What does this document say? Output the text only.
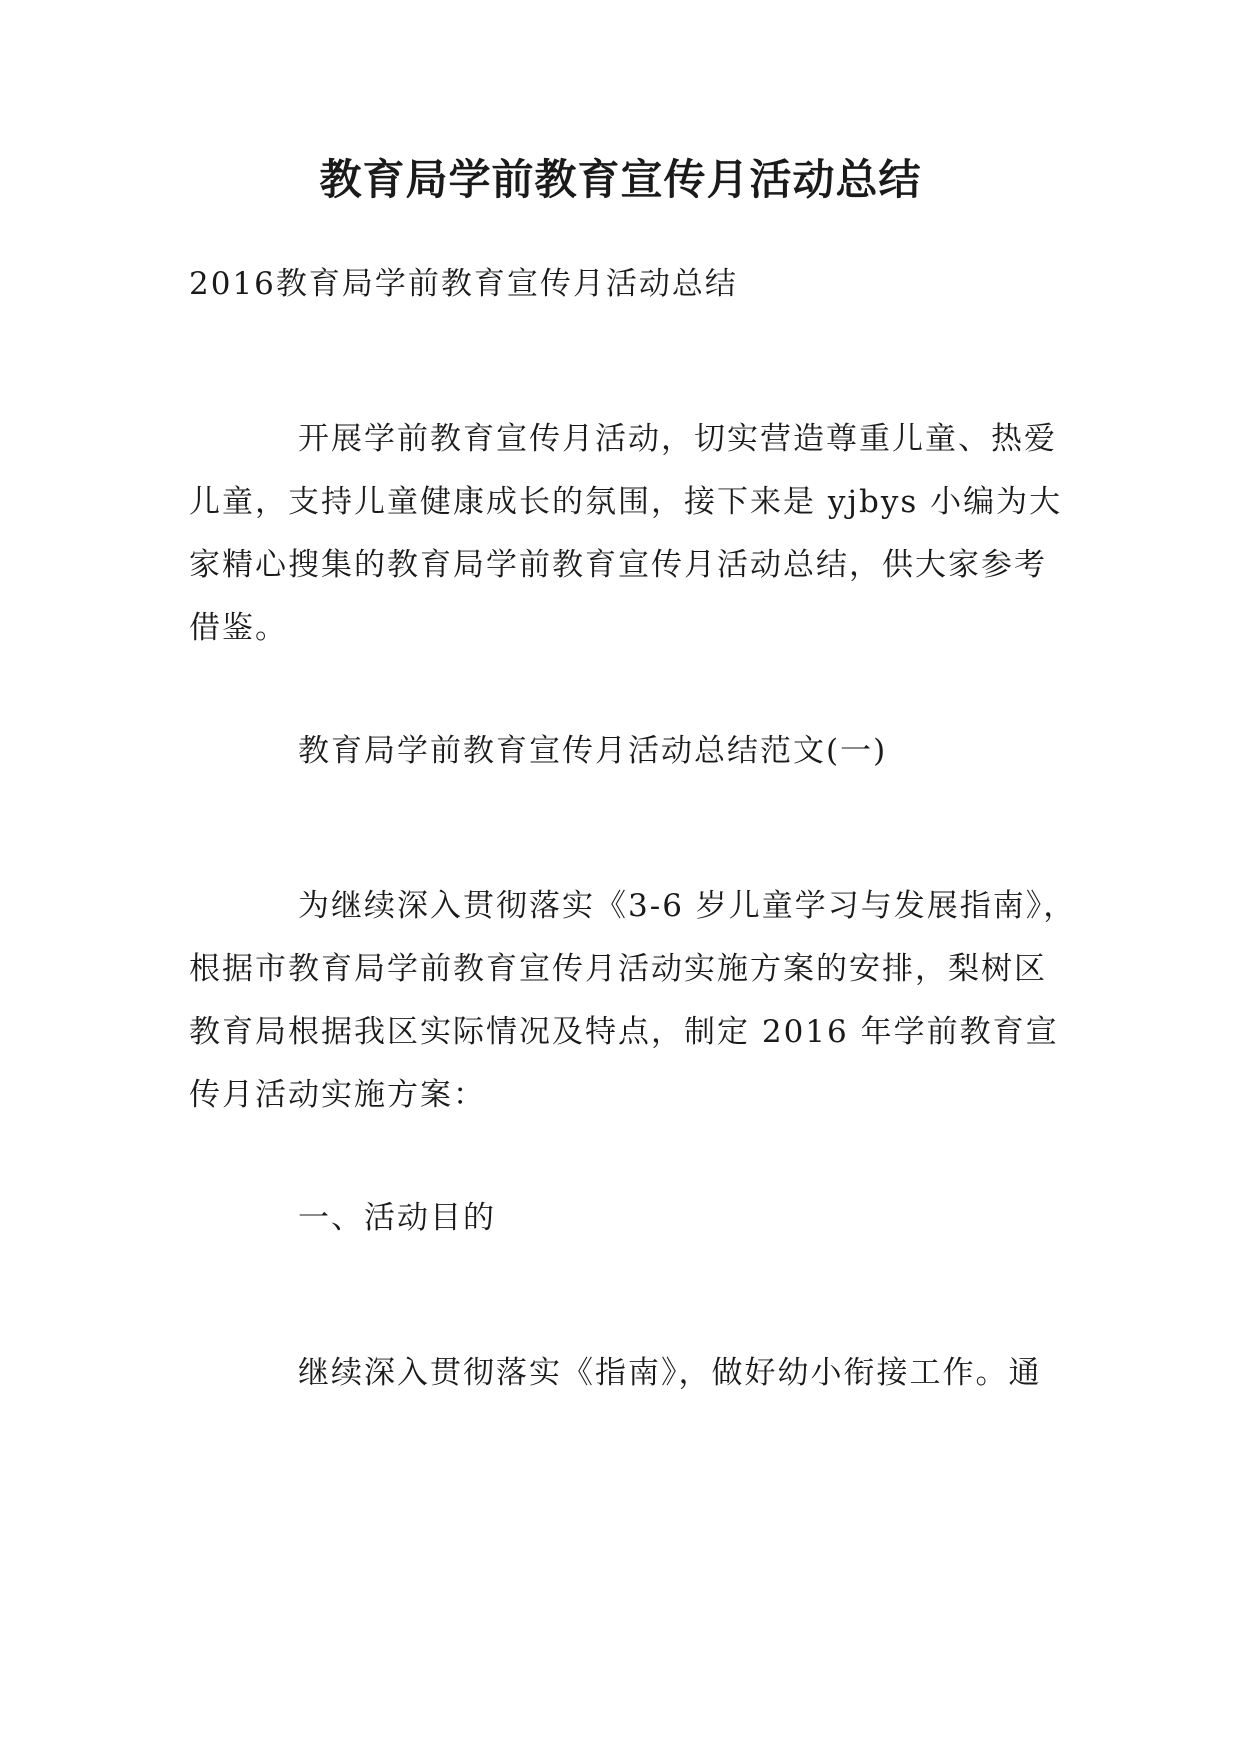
教育局学前教育宣传月活动总结

2016教育局学前教育宣传月活动总结

开展学前教育宣传月活动，切实营造尊重儿童、热爱
儿童，支持儿童健康成长的氛围，接下来是 yjbys 小编为大
家精心搜集的教育局学前教育宣传月活动总结，供大家参考
借鉴。

教育局学前教育宣传月活动总结范文(一)

为继续深入贯彻落实《3-6 岁儿童学习与发展指南》，
根据市教育局学前教育宣传月活动实施方案的安排，梨树区
教育局根据我区实际情况及特点，制定 2016 年学前教育宣
传月活动实施方案：

一、活动目的

继续深入贯彻落实《指南》，做好幼小衔接工作。通
